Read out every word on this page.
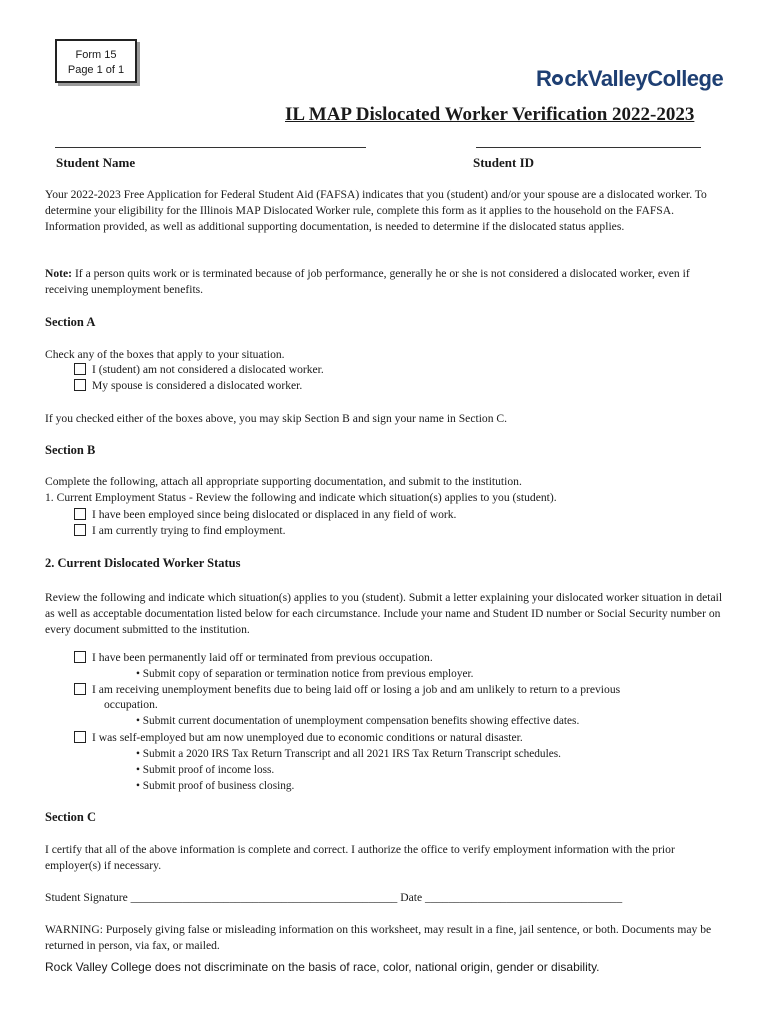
Form 15
Page 1 of 1	R ckValleyCollege
IL MAP Dislocated Worker Verification 2022-2023
Student Name	Student ID
Your 2022-2023 Free Application for Federal Student Aid (FAFSA) indicates that you (student) and/or your spouse are a dislocated worker. To determine your eligibility for the Illinois MAP Dislocated Worker rule, complete this form as it applies to the household on the FAFSA. Information provided, as well as additional supporting documentation, is needed to determine if the dislocated status applies.
Note: If a person quits work or is terminated because of job performance, generally he or she is not considered a dislocated worker, even if receiving unemployment benefits.
Section A
Check any of the boxes that apply to your situation.
I (student) am not considered a dislocated worker.
My spouse is considered a dislocated worker.
If you checked either of the boxes above, you may skip Section B and sign your name in Section C.
Section B
Complete the following, attach all appropriate supporting documentation, and submit to the institution.
1. Current Employment Status - Review the following and indicate which situation(s) applies to you (student).
I have been employed since being dislocated or displaced in any field of work.
I am currently trying to find employment.
2. Current Dislocated Worker Status
Review the following and indicate which situation(s) applies to you (student). Submit a letter explaining your dislocated worker situation in detail as well as acceptable documentation listed below for each circumstance. Include your name and Student ID number or Social Security number on every document submitted to the institution.
I have been permanently laid off or terminated from previous occupation.
• Submit copy of separation or termination notice from previous employer.
I am receiving unemployment benefits due to being laid off or losing a job and am unlikely to return to a previous
occupation.
• Submit current documentation of unemployment compensation benefits showing effective dates.
I was self-employed but am now unemployed due to economic conditions or natural disaster.
• Submit a 2020 IRS Tax Return Transcript and all 2021 IRS Tax Return Transcript schedules.
• Submit proof of income loss.
• Submit proof of business closing.
Section C
I certify that all of the above information is complete and correct. I authorize the office to verify employment information with the prior employer(s) if necessary.
Student Signature ______________________________________________ Date __________________________________
WARNING: Purposely giving false or misleading information on this worksheet, may result in a fine, jail sentence, or both. Documents may be returned in person, via fax, or mailed.
Rock Valley College does not discriminate on the basis of race, color, national origin, gender or disability.
